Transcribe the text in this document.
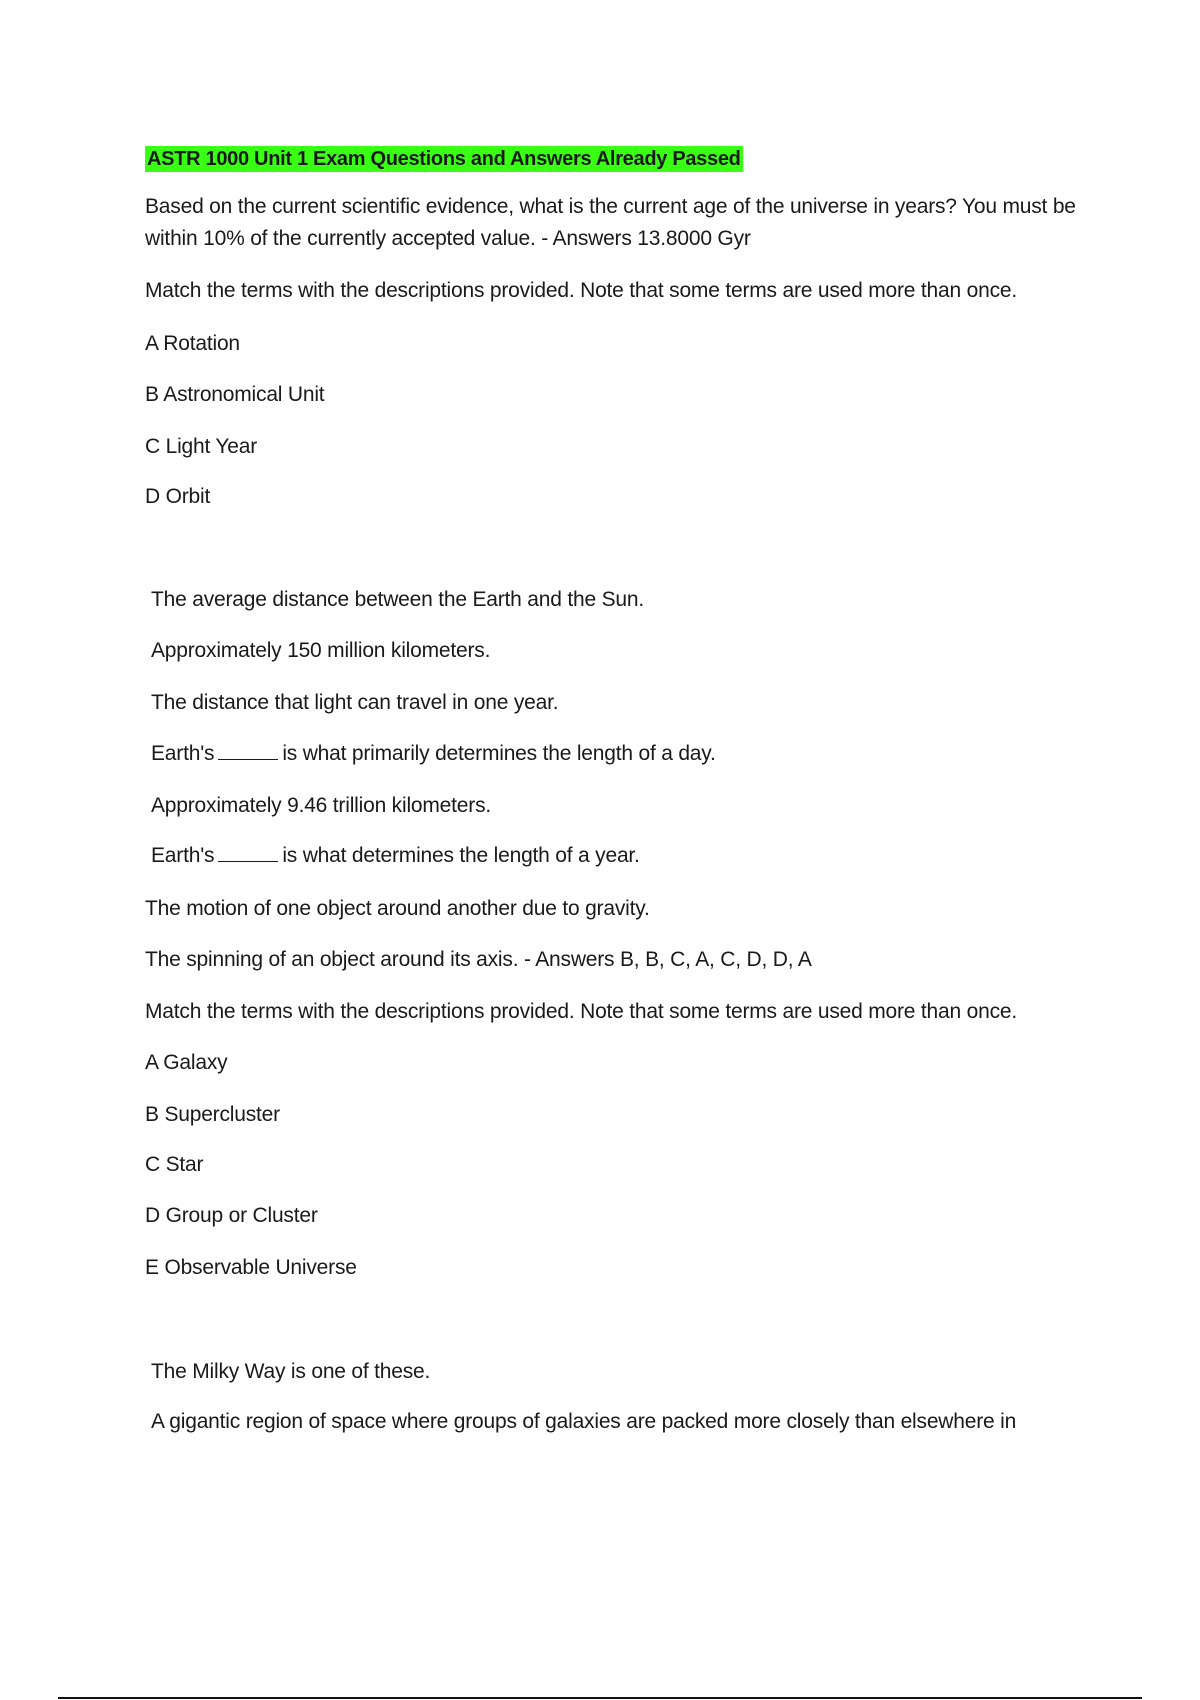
ASTR 1000 Unit 1 Exam Questions and Answers Already Passed
Based on the current scientific evidence, what is the current age of the universe in years? You must be within 10% of the currently accepted value. - Answers 13.8000 Gyr
Match the terms with the descriptions provided. Note that some terms are used more than once.
A Rotation
B Astronomical Unit
C Light Year
D Orbit
The average distance between the Earth and the Sun.
Approximately 150 million kilometers.
The distance that light can travel in one year.
Earth's	is what primarily determines the length of a day.
Approximately 9.46 trillion kilometers.
Earth's	is what determines the length of a year.
The motion of one object around another due to gravity.
The spinning of an object around its axis. - Answers B, B, C, A, C, D, D, A
Match the terms with the descriptions provided. Note that some terms are used more than once.
A Galaxy
B Supercluster
C Star
D Group or Cluster
E Observable Universe
The Milky Way is one of these.
A gigantic region of space where groups of galaxies are packed more closely than elsewhere in
